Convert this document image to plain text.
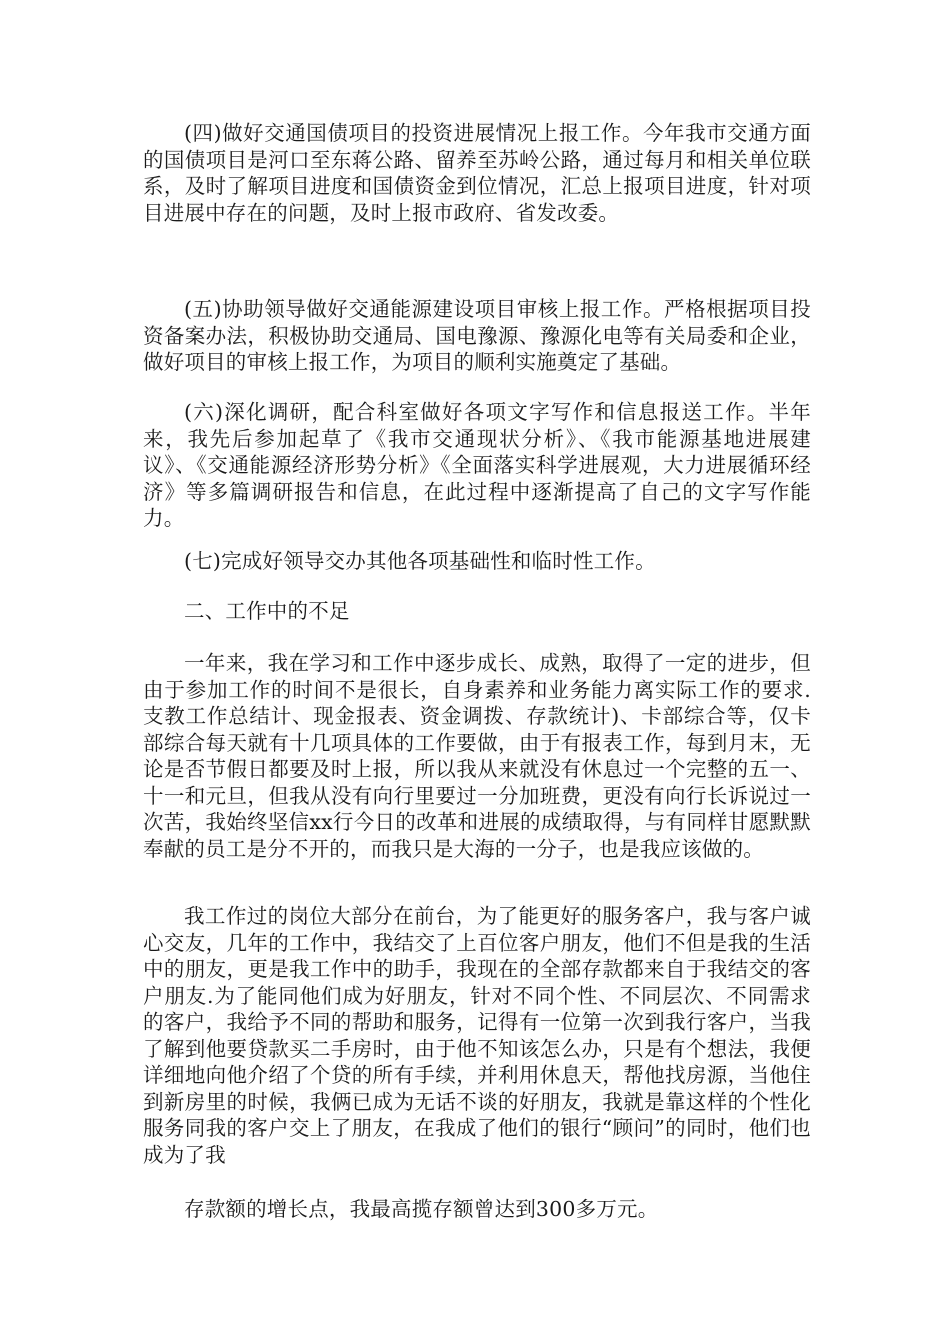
(四)做好交通国债项目的投资进展情况上报工作。今年我市交通方面的国债项目是河口至东蒋公路、留养至苏岭公路，通过每月和相关单位联系，及时了解项目进度和国债资金到位情况，汇总上报项目进度，针对项目进展中存在的问题，及时上报市政府、省发改委。

(五)协助领导做好交通能源建设项目审核上报工作。严格根据项目投资备案办法，积极协助交通局、国电豫源、豫源化电等有关局委和企业，做好项目的审核上报工作，为项目的顺利实施奠定了基础。

(六)深化调研，配合科室做好各项文字写作和信息报送工作。半年来，我先后参加起草了《我市交通现状分析》、《我市能源基地进展建议》、《交通能源经济形势分析》《全面落实科学进展观，大力进展循环经济》等多篇调研报告和信息，在此过程中逐渐提高了自己的文字写作能力。

(七)完成好领导交办其他各项基础性和临时性工作。

二、工作中的不足

一年来，我在学习和工作中逐步成长、成熟，取得了一定的进步，但由于参加工作的时间不是很长，自身素养和业务能力离实际工作的要求.支教工作总结计、现金报表、资金调拨、存款统计)、卡部综合等，仅卡部综合每天就有十几项具体的工作要做，由于有报表工作，每到月末，无论是否节假日都要及时上报，所以我从来就没有休息过一个完整的五一、十一和元旦，但我从没有向行里要过一分加班费，更没有向行长诉说过一次苦，我始终坚信xx行今日的改革和进展的成绩取得，与有同样甘愿默默奉献的员工是分不开的，而我只是大海的一分子，也是我应该做的。

我工作过的岗位大部分在前台，为了能更好的服务客户，我与客户诚心交友，几年的工作中，我结交了上百位客户朋友，他们不但是我的生活中的朋友，更是我工作中的助手，我现在的全部存款都来自于我结交的客户朋友.为了能同他们成为好朋友，针对不同个性、不同层次、不同需求的客户，我给予不同的帮助和服务，记得有一位第一次到我行客户，当我了解到他要贷款买二手房时，由于他不知该怎么办，只是有个想法，我便详细地向他介绍了个贷的所有手续，并利用休息天，帮他找房源，当他住到新房里的时候，我俩已成为无话不谈的好朋友，我就是靠这样的个性化服务同我的客户交上了朋友，在我成了他们的银行“顾问”的同时，他们也成为了我

存款额的增长点，我最高揽存额曾达到300多万元。
